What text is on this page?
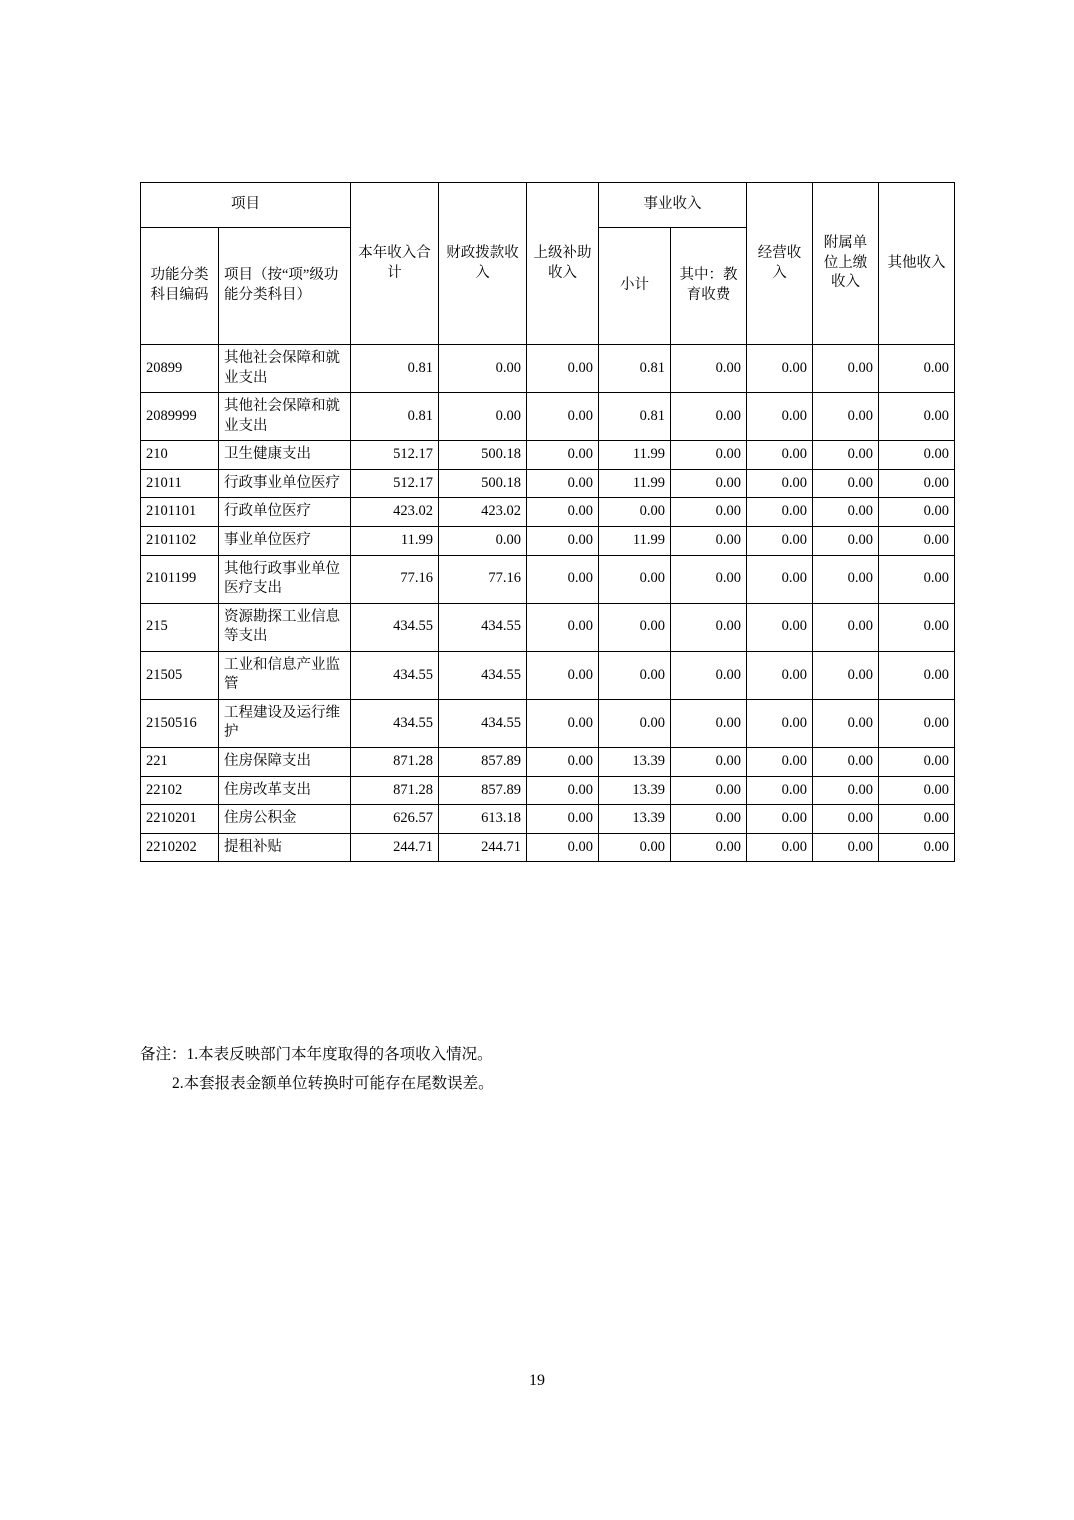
项目		本年收入合计	财政拨款收入	上级补助收入	事业收入		经营收入	附属单位上缴收入	其他收入
功能分类科目编码	项目（按“项”级功能分类科目）				小计	其中：教育收费			
20899	其他社会保障和就业支出	0.81	0.00	0.00	0.81	0.00	0.00	0.00	0.00
2089999	其他社会保障和就业支出	0.81	0.00	0.00	0.81	0.00	0.00	0.00	0.00
210	卫生健康支出	512.17	500.18	0.00	11.99	0.00	0.00	0.00	0.00
21011	行政事业单位医疗	512.17	500.18	0.00	11.99	0.00	0.00	0.00	0.00
2101101	行政单位医疗	423.02	423.02	0.00	0.00	0.00	0.00	0.00	0.00
2101102	事业单位医疗	11.99	0.00	0.00	11.99	0.00	0.00	0.00	0.00
2101199	其他行政事业单位医疗支出	77.16	77.16	0.00	0.00	0.00	0.00	0.00	0.00
215	资源勘探工业信息等支出	434.55	434.55	0.00	0.00	0.00	0.00	0.00	0.00
21505	工业和信息产业监管	434.55	434.55	0.00	0.00	0.00	0.00	0.00	0.00
2150516	工程建设及运行维护	434.55	434.55	0.00	0.00	0.00	0.00	0.00	0.00
221	住房保障支出	871.28	857.89	0.00	13.39	0.00	0.00	0.00	0.00
22102	住房改革支出	871.28	857.89	0.00	13.39	0.00	0.00	0.00	0.00
2210201	住房公积金	626.57	613.18	0.00	13.39	0.00	0.00	0.00	0.00
2210202	提租补贴	244.71	244.71	0.00	0.00	0.00	0.00	0.00	0.00
备注：1.本表反映部门本年度取得的各项收入情况。
2.本套报表金额单位转换时可能存在尾数误差。
19
